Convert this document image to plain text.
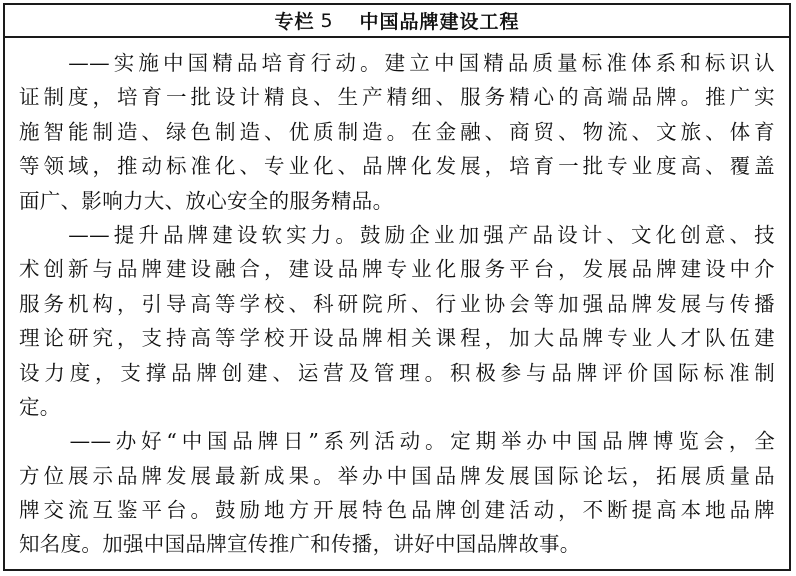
专栏 5 中国品牌建设工程
　　——实施中国精品培育行动。建立中国精品质量标准体系和标识认
证制度，培育一批设计精良、生产精细、服务精心的高端品牌。推广实
施智能制造、绿色制造、优质制造。在金融、商贸、物流、文旅、体育
等领域，推动标准化、专业化、品牌化发展，培育一批专业度高、覆盖
面广、影响力大、放心安全的服务精品。
　　——提升品牌建设软实力。鼓励企业加强产品设计、文化创意、技
术创新与品牌建设融合，建设品牌专业化服务平台，发展品牌建设中介
服务机构，引导高等学校、科研院所、行业协会等加强品牌发展与传播
理论研究，支持高等学校开设品牌相关课程，加大品牌专业人才队伍建
设力度，支撑品牌创建、运营及管理。积极参与品牌评价国际标准制
定。
　　——办好“中国品牌日”系列活动。定期举办中国品牌博览会，全
方位展示品牌发展最新成果。举办中国品牌发展国际论坛，拓展质量品
牌交流互鉴平台。鼓励地方开展特色品牌创建活动，不断提高本地品牌
知名度。加强中国品牌宣传推广和传播，讲好中国品牌故事。
